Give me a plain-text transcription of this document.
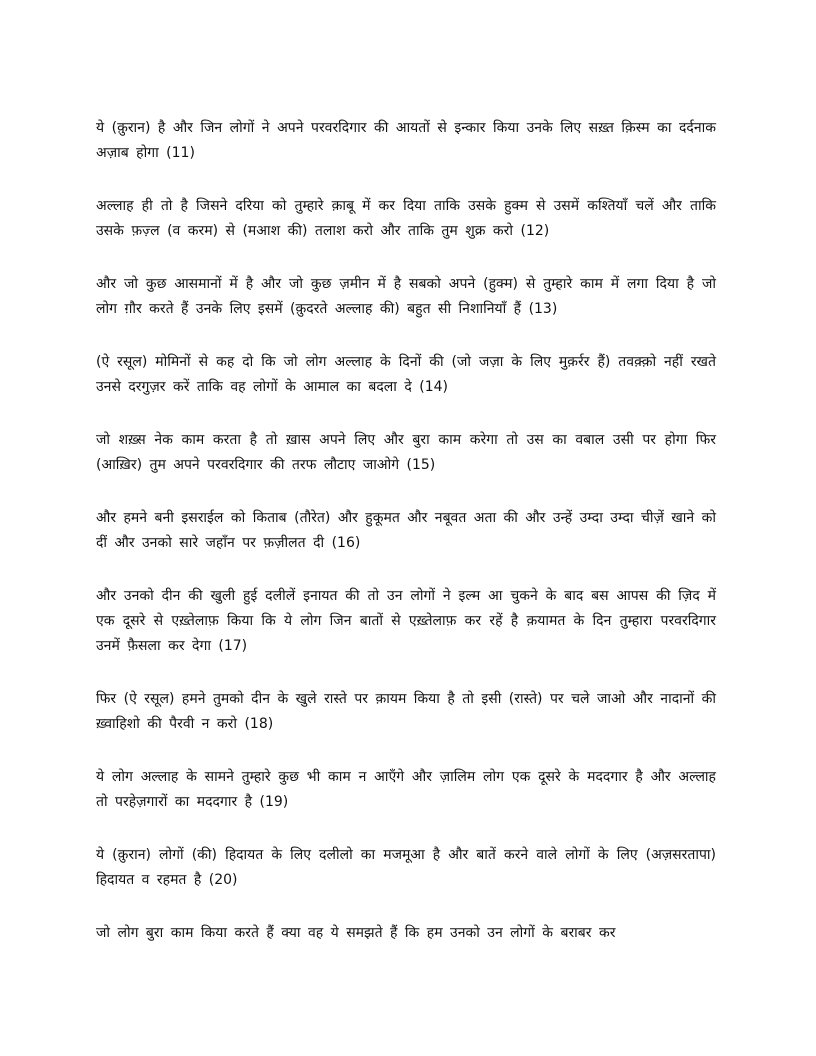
ये (क़ुरान) है और जिन लोगों ने अपने परवरदिगार की आयतों से इन्कार किया उनके लिए सख़्त क़िस्म का दर्दनाक अज़ाब होगा (11)

अल्लाह ही तो है जिसने दरिया को तुम्हारे क़ाबू में कर दिया ताकि उसके हुक्म से उसमें कश्तियाँ चलें और ताकि उसके फ़ज़्ल (व करम) से (मआश की) तलाश करो और ताकि तुम शुक्र करो (12)

और जो कुछ आसमानों में है और जो कुछ ज़मीन में है सबको अपने (हुक्म) से तुम्हारे काम में लगा दिया है जो लोग ग़ौर करते हैं उनके लिए इसमें (क़ुदरते अल्लाह की) बहुत सी निशानियाँ हैं (13)

(ऐ रसूल) मोमिनों से कह दो कि जो लोग अल्लाह के दिनों की (जो जज़ा के लिए मुक़र्रर हैं) तवक़्क़ो नहीं रखते उनसे दरगुज़र करें ताकि वह लोगों के आमाल का बदला दे (14)

जो शख़्स नेक काम करता है तो ख़ास अपने लिए और बुरा काम करेगा तो उस का वबाल उसी पर होगा फिर (आख़िर) तुम अपने परवरदिगार की तरफ लौटाए जाओगे (15)

और हमने बनी इसराईल को किताब (तौरेत) और हुकूमत और नबूवत अता की और उन्हें उम्दा उम्दा चीज़ें खाने को दीं और उनको सारे जहाँन पर फ़ज़ीलत दी (16)

और उनको दीन की खुली हुई दलीलें इनायत की तो उन लोगों ने इल्म आ चुकने के बाद बस आपस की ज़िद में एक दूसरे से एख़्तेलाफ़ किया कि ये लोग जिन बातों से एख़्तेलाफ़ कर रहें है क़यामत के दिन तुम्हारा परवरदिगार उनमें फ़ैसला कर देगा (17)

फिर (ऐ रसूल) हमने तुमको दीन के खुले रास्ते पर क़ायम किया है तो इसी (रास्ते) पर चले जाओ और नादानों की ख़्वाहिशो की पैरवी न करो (18)

ये लोग अल्लाह के सामने तुम्हारे कुछ भी काम न आएँगे और ज़ालिम लोग एक दूसरे के मददगार है और अल्लाह तो परहेज़गारों का मददगार है (19)

ये (क़ुरान) लोगों (की) हिदायत के लिए दलीलो का मजमूआ है और बातें करने वाले लोगों के लिए (अज़सरतापा) हिदायत व रहमत है (20)

जो लोग बुरा काम किया करते हैं क्या वह ये समझते हैं कि हम उनको उन लोगों के बराबर कर
